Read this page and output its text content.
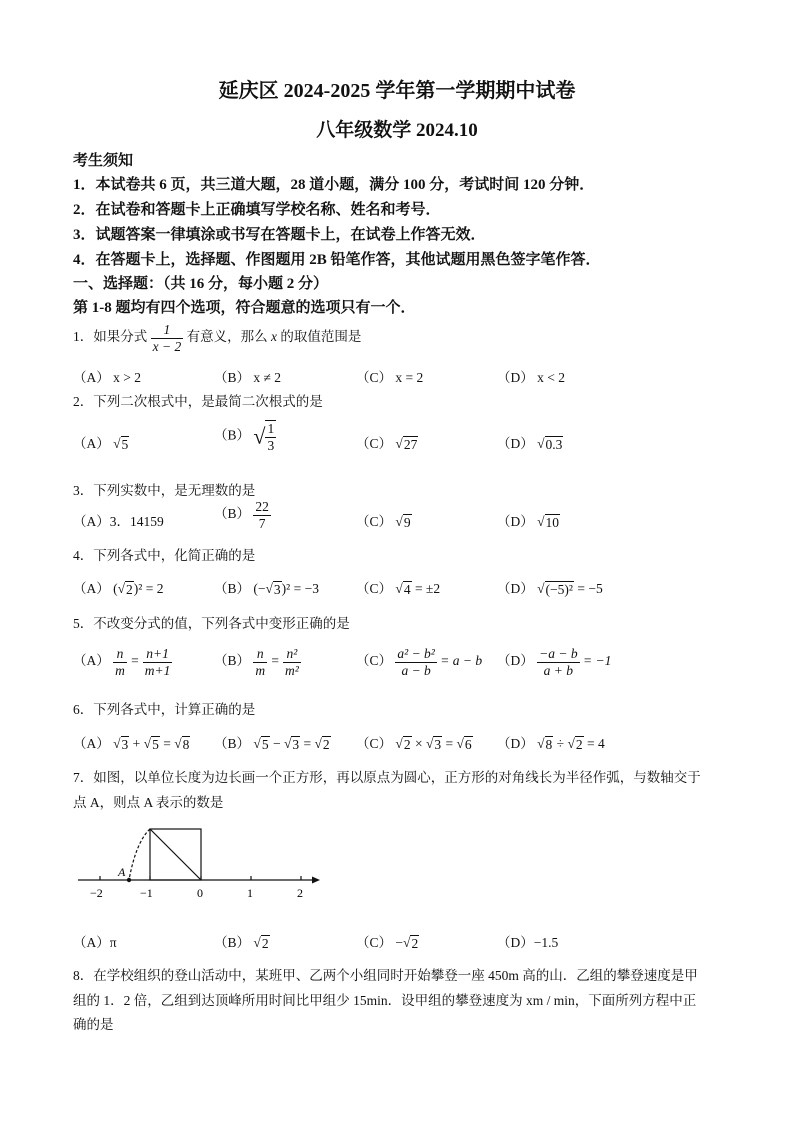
延庆区 2024-2025 学年第一学期期中试卷
八年级数学 2024.10
考生须知
1．本试卷共 6 页，共三道大题，28 道小题，满分 100 分，考试时间 120 分钟．
2．在试卷和答题卡上正确填写学校名称、姓名和考号．
3．试题答案一律填涂或书写在答题卡上，在试卷上作答无效．
4．在答题卡上，选择题、作图题用 2B 铅笔作答，其他试题用黑色签字笔作答．
一、选择题：（共 16 分，每小题 2 分）
第 1-8 题均有四个选项，符合题意的选项只有一个．
1．如果分式 $\frac{1}{x - 2}$ 有意义，那么 x 的取值范围是
（A） x > 2	（B） x ≠ 2	（C） x = 2	（D） x < 2
2．下列二次根式中，是最简二次根式的是
（A） √5
（B） √ $\frac{1}{3}$	（C） √27	（D） √0.3
3．下列实数中，是无理数的是
（A）3．14159
$(B) \frac{22}{7}$	（C） √9	（D） √10
4．下列各式中，化简正确的是
（A） (√2)² = 2	（B） (−√3)² = −3	（C） √4 = ±2	（D） √(−5)² = −5
5．不改变分式的值，下列各式中变形正确的是
$(A) \frac{n}{m} = \frac{n+1}{m+1}$	$(B) \frac{n}{m} = \frac{\text{n²}}{\text{m²}}$	$(C) \frac{\text{a² − b²}}{a - b} = a - b$ $(D) \frac{-a - b}{a + b} = -1$
6．下列各式中，计算正确的是
（A） √3 + √5 = √8 （B） √5 − √3 = √2 （C） √2 × √3 = √6 （D） √8 ÷ √2 = 4
7．如图，以单位长度为边长画一个正方形，再以原点为圆心，正方形的对角线长为半径作弧，与数轴交于
点 A，则点 A 表示的数是
A
−2	−1	0	1	2
（A）π	（B） √2	（C） −√2	（D）−1.5
8．在学校组织的登山活动中，某班甲、乙两个小组同时开始攀登一座 450m 高的山．乙组的攀登速度是甲
组的 1．2 倍，乙组到达顶峰所用时间比甲组少 15min．设甲组的攀登速度为 xm / min，下面所列方程中正
确的是
